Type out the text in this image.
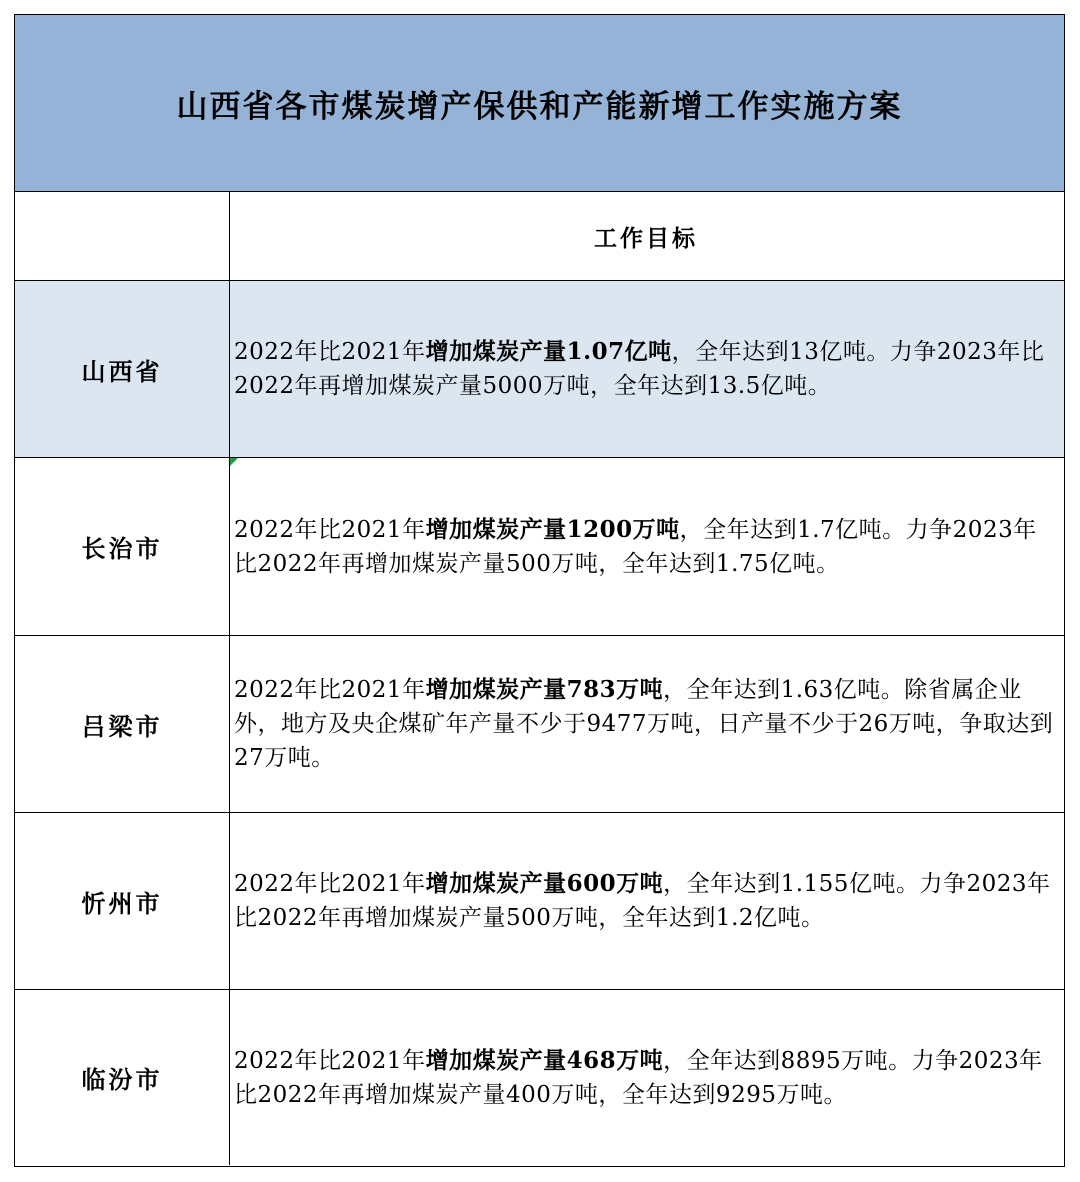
山西省各市煤炭增产保供和产能新增工作实施方案
工作目标
山西省
2022年比2021年增加煤炭产量1.07亿吨，全年达到13亿吨。力争2023年比2022年再增加煤炭产量5000万吨，全年达到13.5亿吨。
长治市
2022年比2021年增加煤炭产量1200万吨，全年达到1.7亿吨。力争2023年比2022年再增加煤炭产量500万吨，全年达到1.75亿吨。
吕梁市
2022年比2021年增加煤炭产量783万吨，全年达到1.63亿吨。除省属企业外，地方及央企煤矿年产量不少于9477万吨，日产量不少于26万吨，争取达到27万吨。
忻州市
2022年比2021年增加煤炭产量600万吨，全年达到1.155亿吨。力争2023年比2022年再增加煤炭产量500万吨，全年达到1.2亿吨。
临汾市
2022年比2021年增加煤炭产量468万吨，全年达到8895万吨。力争2023年比2022年再增加煤炭产量400万吨，全年达到9295万吨。
